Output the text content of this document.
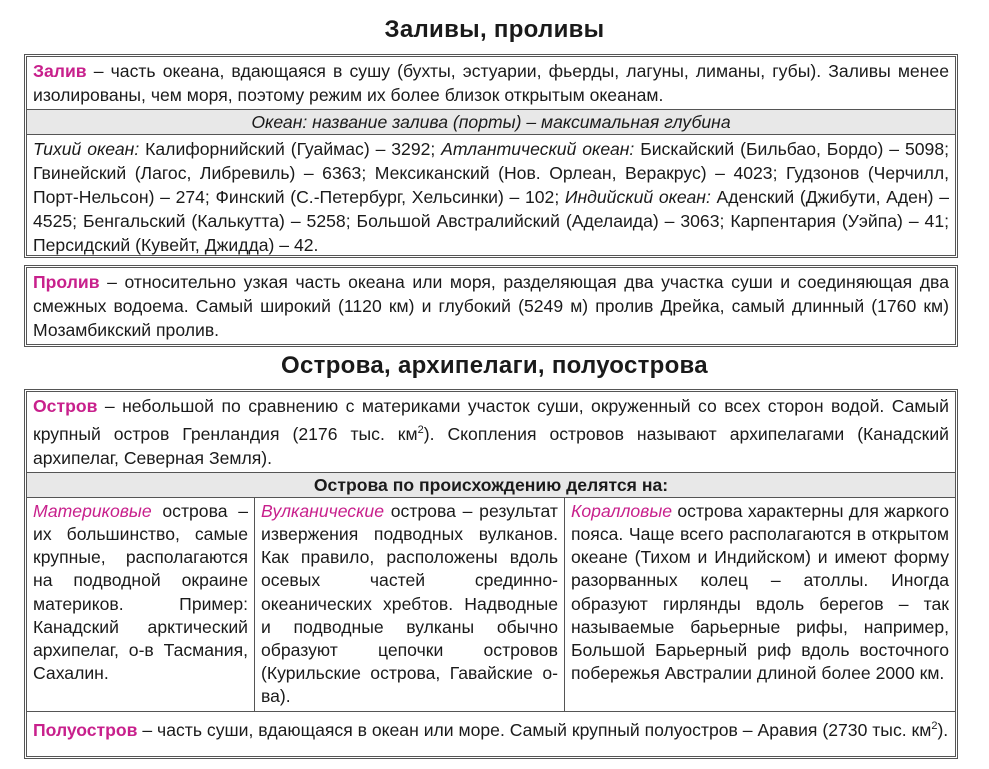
Заливы, проливы
Залив – часть океана, вдающаяся в сушу (бухты, эстуарии, фьерды, лагуны, лиманы, губы). Заливы менее изолированы, чем моря, поэтому режим их более близок открытым океанам.
Океан: название залива (порты) – максимальная глубина
Тихий океан: Калифорнийский (Гуаймас) – 3292; Атлантический океан: Бискайский (Бильбао, Бордо) – 5098; Гвинейский (Лагос, Либревиль) – 6363; Мексиканский (Нов. Орлеан, Веракрус) – 4023; Гудзонов (Черчилл, Порт-Нельсон) – 274; Финский (С.-Петербург, Хельсинки) – 102; Индийский океан: Аденский (Джибути, Аден) – 4525; Бенгальский (Калькутта) – 5258; Большой Австралийский (Аделаида) – 3063; Карпентария (Уэйпа) – 41; Персидский (Кувейт, Джидда) – 42.
Пролив – относительно узкая часть океана или моря, разделяющая два участка суши и соединяющая два смежных водоема. Самый широкий (1120 км) и глубокий (5249 м) пролив Дрейка, самый длинный (1760 км) Мозамбикский пролив.
Острова, архипелаги, полуострова
Остров – небольшой по сравнению с материками участок суши, окруженный со всех сторон водой. Самый крупный остров Гренландия (2176 тыс. $км^2$). Скопления островов называют архипелагами (Канадский архипелаг, Северная Земля).
Острова по происхождению делятся на:
Материковые острова – их большинство, самые крупные, располагаются на подводной окраине материков. Пример: Канадский арктический архипелаг, о-в Тасмания, Сахалин.
Вулканические острова – результат извержения подводных вулканов. Как правило, расположены вдоль осевых частей срединно-океанических хребтов. Надводные и подводные вулканы обычно образуют цепочки островов (Курильские острова, Гавайские о-ва).
Коралловые острова характерны для жаркого пояса. Чаще всего располагаются в открытом океане (Тихом и Индийском) и имеют форму разорванных колец – атоллы. Иногда образуют гирлянды вдоль берегов – так называемые барьерные рифы, например, Большой Барьерный риф вдоль восточного побережья Австралии длиной более 2000 км.
Полуостров – часть суши, вдающаяся в океан или море. Самый крупный полуостров – Аравия (2730 тыс. $км^2$).
